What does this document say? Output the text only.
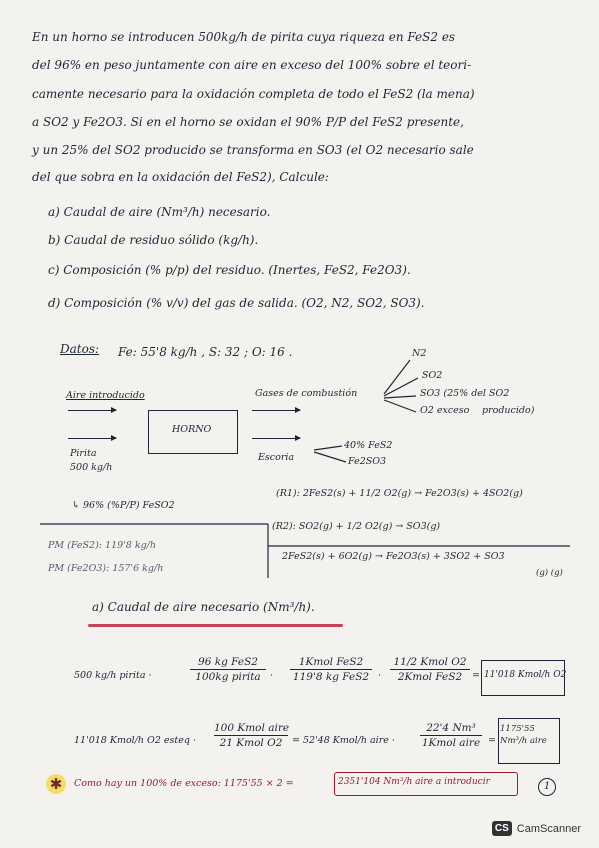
En un horno se introducen 500kg/h de pirita cuya riqueza en FeS2 es
del 96% en peso juntamente con aire en exceso del 100% sobre el teori-
camente necesario para la oxidación completa de todo el FeS2 (la mena)
a SO2 y Fe2O3. Si en el horno se oxidan el 90% P/P del FeS2 presente,
y un 25% del SO2 producido se transforma en SO3 (el O2 necesario sale
del que sobra en la oxidación del FeS2), Calcule:
a) Caudal de aire (Nm³/h) necesario.
b) Caudal de residuo sólido (kg/h).
c) Composición (% p/p) del residuo. (Inertes, FeS2, Fe2O3).
d) Composición (% v/v) del gas de salida. (O2, N2, SO2, SO3).
Datos: Fe: 55'8 kg/h , S: 32 ; O: 16 .	N2
SO2
SO3 (25% del SO2
O2 exceso producido)
Aire introducido
Pirita
500 kg/h
HORNO
Gases de combustión
Escoria
40% FeS2
Fe2SO3
↳ 96% (%P/P) FeSO2
(R1): 2FeS2(s) + 11/2 O2(g) → Fe2O3(s) + 4SO2(g)
(R2): SO2(g) + 1/2 O2(g) → SO3(g)
2FeS2(s) + 6O2(g) → Fe2O3(s) + 3SO2 + SO3
(g) (g)
PM (FeS2): 119'8 kg/h
PM (Fe2O3): 157'6 kg/h
a) Caudal de aire necesario (Nm³/h).
500 kg/h pirita ·
96 kg FeS2
100kg pirita ·
1Kmol FeS2
119'8 kg FeS2 ·
11/2 Kmol O2
2Kmol FeS2	= 11'018 Kmol/h O2
11'018 Kmol/h O2 esteq ·
100 Kmol aire
21 Kmol O2	= 52'48 Kmol/h aire ·
22'4 Nm³
1Kmol aire =
1175'55 Nm³/h aire
✱	Como hay un 100% de exceso: 1175'55 × 2 =	2351'104 Nm³/h aire a introducir	1
CS CamScanner
